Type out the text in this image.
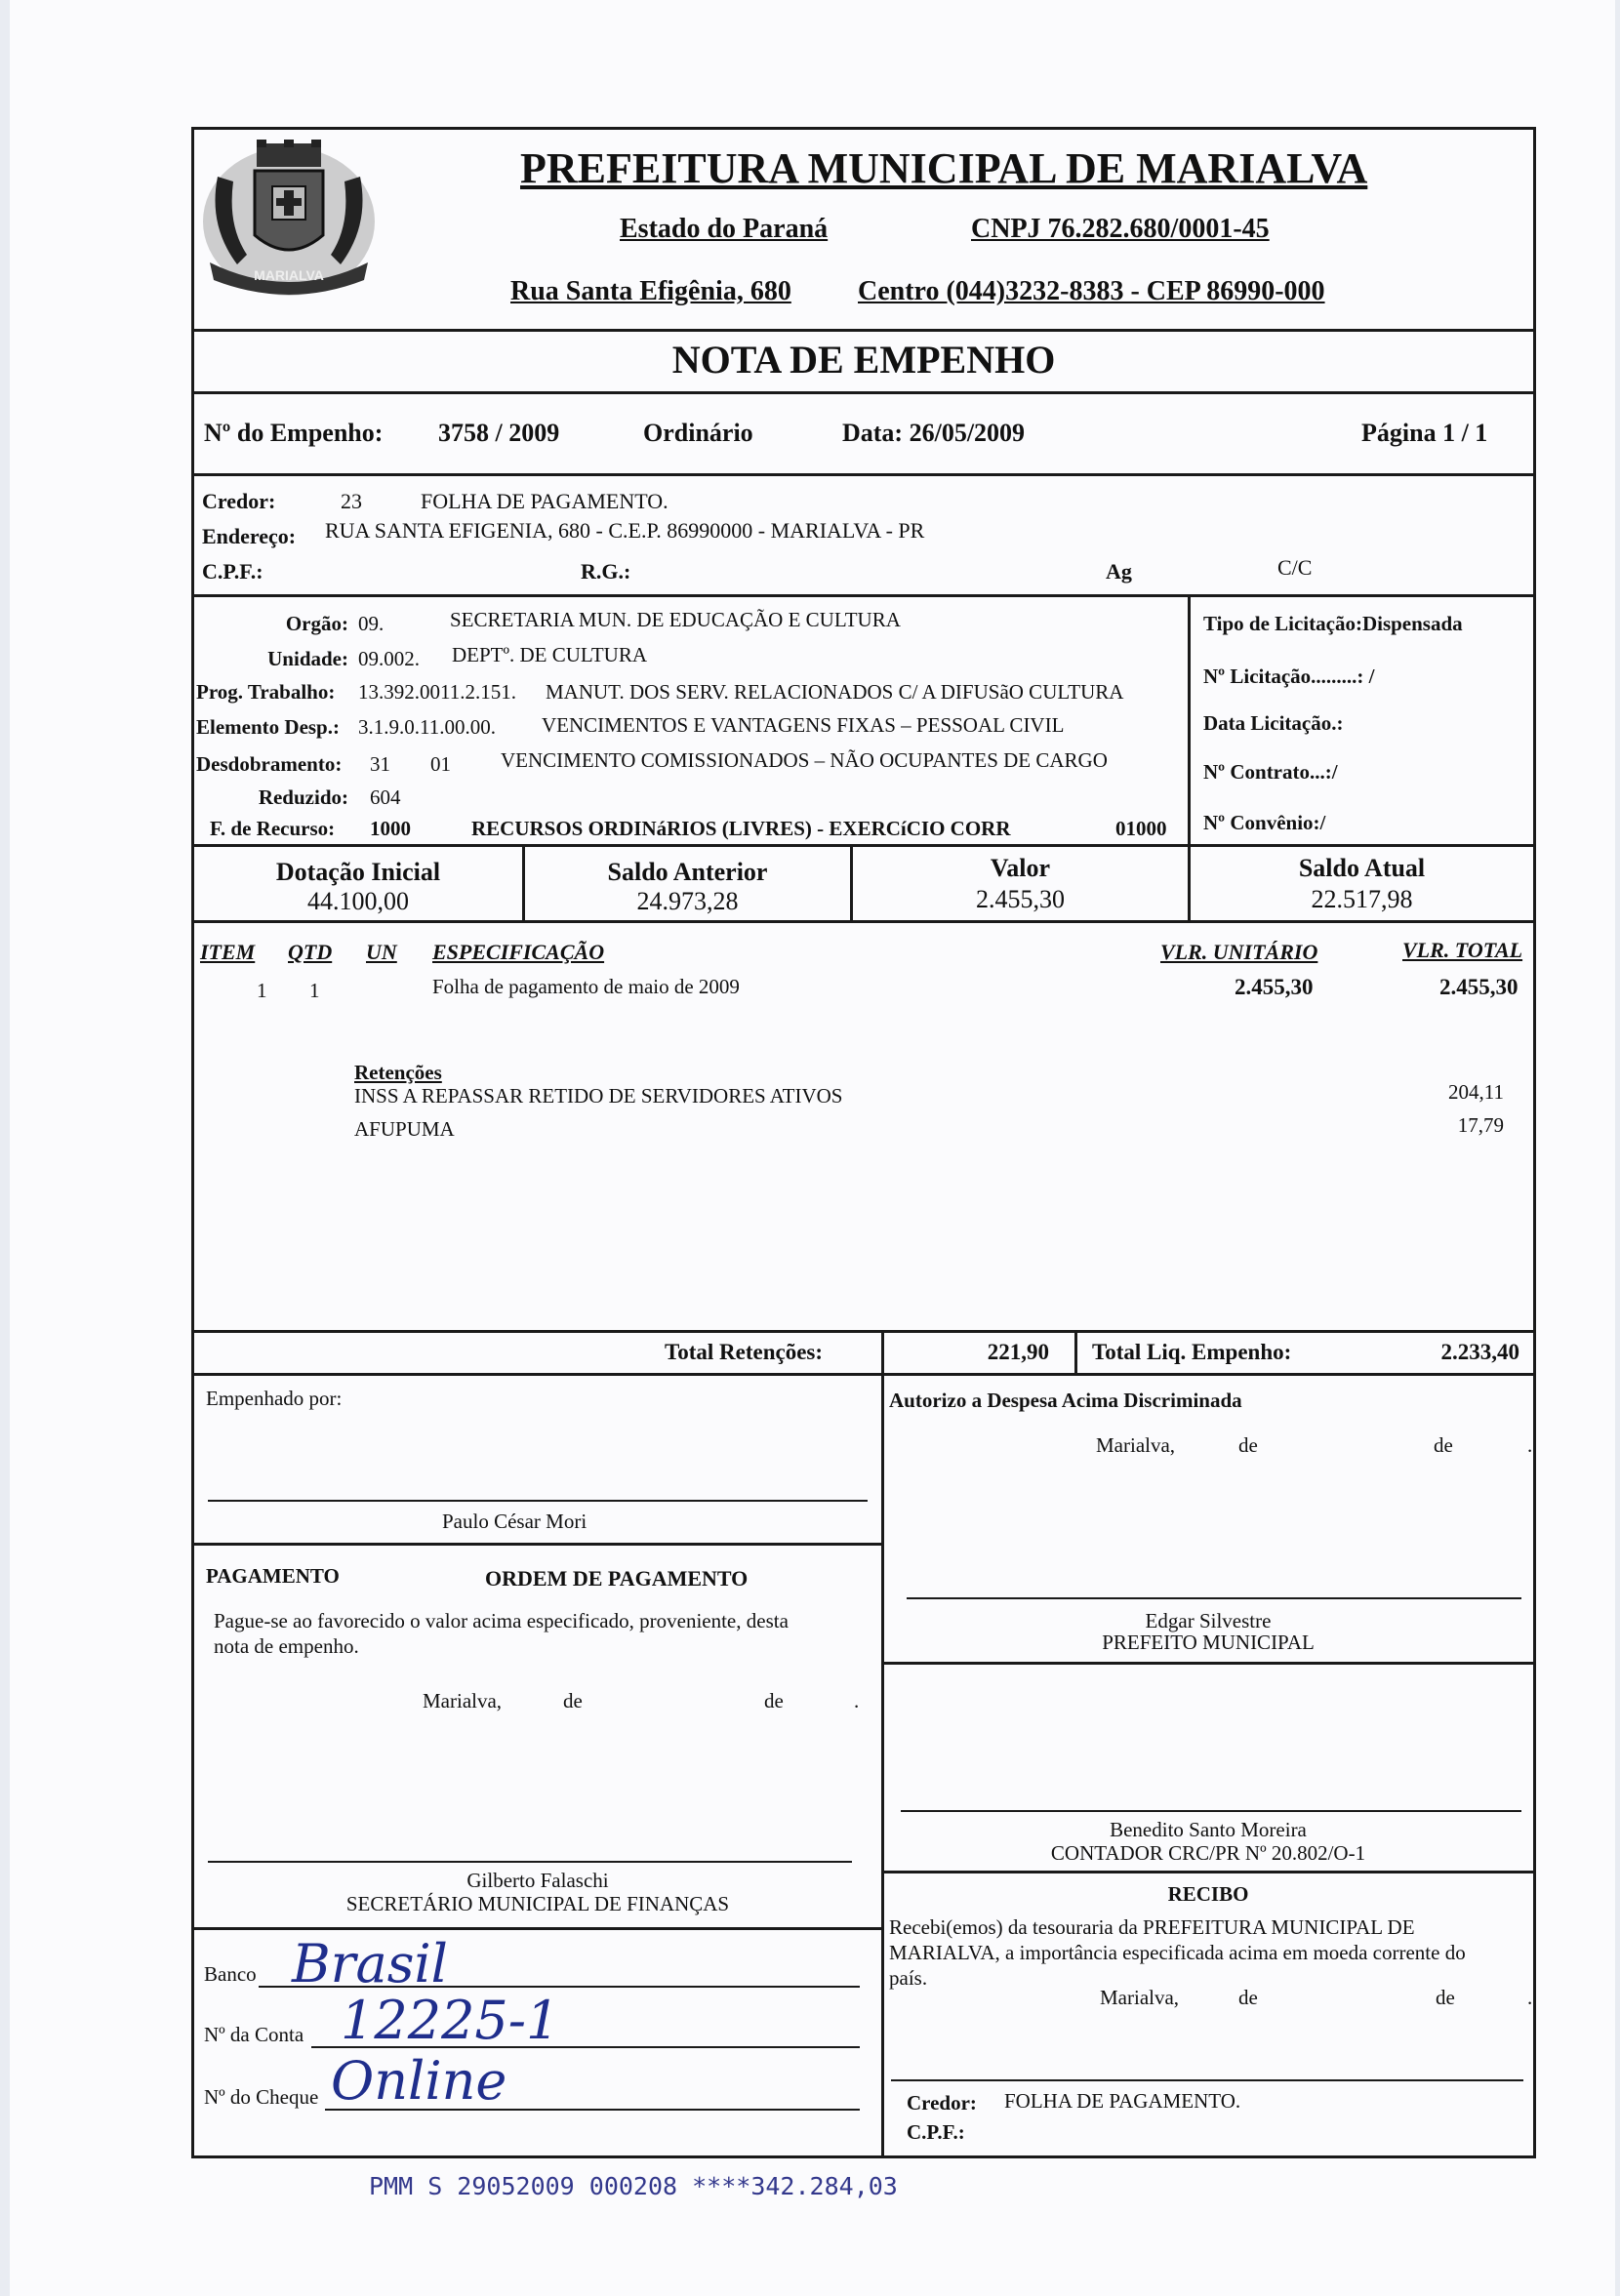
MARIALVA
PREFEITURA MUNICIPAL DE MARIALVA
Estado do Paraná	CNPJ 76.282.680/0001-45
Rua Santa Efigênia, 680 Centro (044)3232-8383 - CEP 86990-000
NOTA DE EMPENHO
Nº do Empenho: 3758 / 2009	Ordinário	Data: 26/05/2009	Página 1 / 1
Credor:	23	FOLHA DE PAGAMENTO.
Endereço: RUA SANTA EFIGENIA, 680 - C.E.P. 86990000 - MARIALVA - PR
C.P.F.:	R.G.:	Ag	C/C
Orgão: 09.	SECRETARIA MUN. DE EDUCAÇÃO E CULTURA
Unidade: 09.002. DEPTº. DE CULTURA
Prog. Trabalho: 13.392.0011.2.151. MANUT. DOS SERV. RELACIONADOS C/ A DIFUSãO CULTURA
Elemento Desp.: 3.1.9.0.11.00.00. VENCIMENTOS E VANTAGENS FIXAS – PESSOAL CIVIL
Desdobramento: 31 01 VENCIMENTO COMISSIONADOS – NÃO OCUPANTES DE CARGO
Reduzido: 604
F. de Recurso: 1000	RECURSOS ORDINáRIOS (LIVRES) - EXERCíCIO CORR	01000
Tipo de Licitação:Dispensada
Nº Licitação.........: /
Data Licitação.:
Nº Contrato...:/
Nº Convênio:/
Dotação Inicial
44.100,00
Saldo Anterior
24.973,28
Valor
2.455,30
Saldo Atual
22.517,98
ITEM QTD UN ESPECIFICAÇÃO	VLR. UNITÁRIO	VLR. TOTAL
1 1	Folha de pagamento de maio de 2009	2.455,30	2.455,30
Retenções
INSS A REPASSAR RETIDO DE SERVIDORES ATIVOS	204,11
AFUPUMA	17,79
Total Retenções:	221,90 Total Liq. Empenho:	2.233,40
Empenhado por:
Paulo César Mori
PAGAMENTO	ORDEM DE PAGAMENTO
Pague-se ao favorecido o valor acima especificado, proveniente, desta
nota de empenho.
Marialva,	de	de	.
Gilberto Falaschi
SECRETÁRIO MUNICIPAL DE FINANÇAS
Banco Brasil
Nº da Conta 12225-1
Nº do Cheque Online
Autorizo a Despesa Acima Discriminada
Marialva,	de	de	.
Edgar Silvestre
PREFEITO MUNICIPAL
Benedito Santo Moreira
CONTADOR CRC/PR Nº 20.802/O-1
RECIBO
Recebi(emos) da tesouraria da PREFEITURA MUNICIPAL DE
MARIALVA, a importância especificada acima em moeda corrente do
país.
Marialva,	de	de	.
Credor: FOLHA DE PAGAMENTO.
C.P.F.:
PMM S 29052009 000208 ****342.284,03
